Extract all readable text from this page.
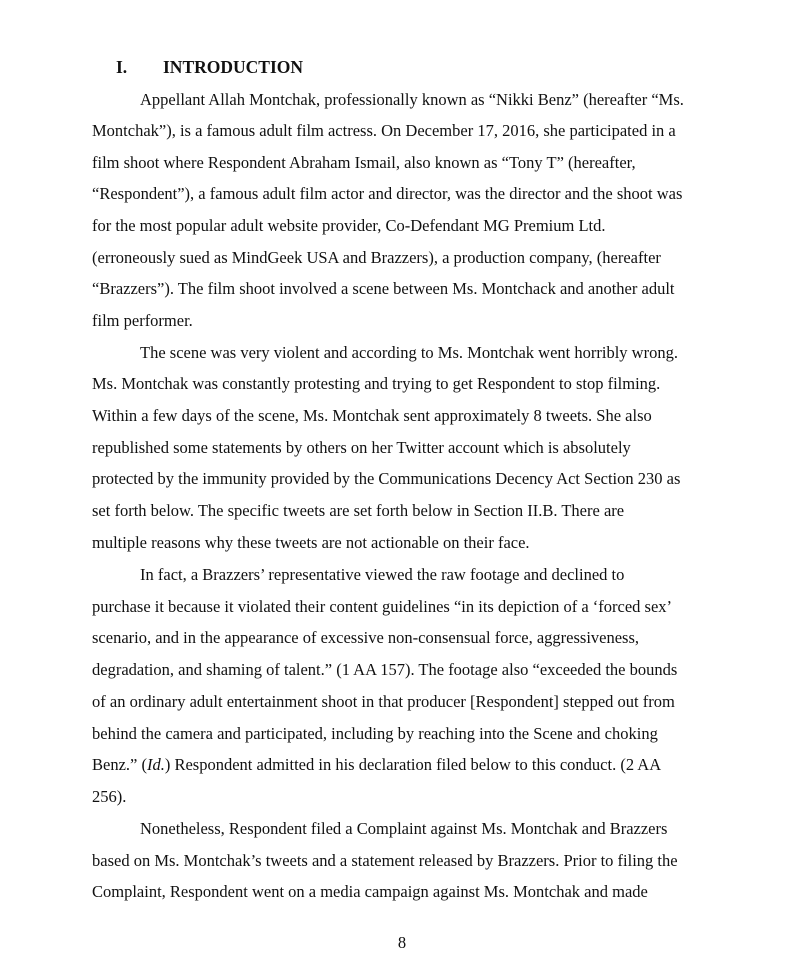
I. INTRODUCTION
Appellant Allah Montchak, professionally known as “Nikki Benz” (hereafter “Ms.
Montchak”), is a famous adult film actress. On December 17, 2016, she participated in a
film shoot where Respondent Abraham Ismail, also known as “Tony T” (hereafter,
“Respondent”), a famous adult film actor and director, was the director and the shoot was
for the most popular adult website provider, Co-Defendant MG Premium Ltd.
(erroneously sued as MindGeek USA and Brazzers), a production company, (hereafter
“Brazzers”). The film shoot involved a scene between Ms. Montchack and another adult
film performer.
The scene was very violent and according to Ms. Montchak went horribly wrong.
Ms. Montchak was constantly protesting and trying to get Respondent to stop filming.
Within a few days of the scene, Ms. Montchak sent approximately 8 tweets. She also
republished some statements by others on her Twitter account which is absolutely
protected by the immunity provided by the Communications Decency Act Section 230 as
set forth below. The specific tweets are set forth below in Section II.B. There are
multiple reasons why these tweets are not actionable on their face.
In fact, a Brazzers’ representative viewed the raw footage and declined to
purchase it because it violated their content guidelines “in its depiction of a ‘forced sex’
scenario, and in the appearance of excessive non-consensual force, aggressiveness,
degradation, and shaming of talent.” (1 AA 157). The footage also “exceeded the bounds
of an ordinary adult entertainment shoot in that producer [Respondent] stepped out from
behind the camera and participated, including by reaching into the Scene and choking
Benz.” (Id.) Respondent admitted in his declaration filed below to this conduct. (2 AA
256).
Nonetheless, Respondent filed a Complaint against Ms. Montchak and Brazzers
based on Ms. Montchak’s tweets and a statement released by Brazzers. Prior to filing the
Complaint, Respondent went on a media campaign against Ms. Montchak and made
8
